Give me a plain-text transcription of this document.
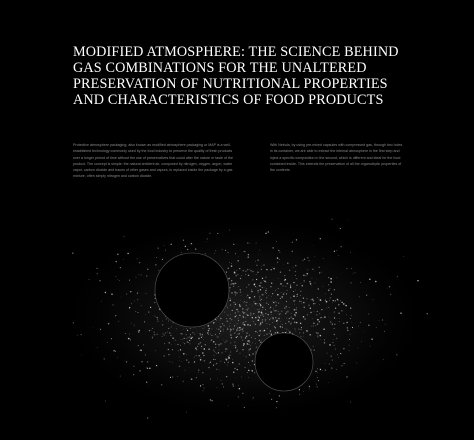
MODIFIED ATMOSPHERE: THE SCIENCE BEHIND
GAS COMBINATIONS FOR THE UNALTERED
PRESERVATION OF NUTRITIONAL PROPERTIES
AND CHARACTERISTICS OF FOOD PRODUCTS

Protective atmosphere packaging, also known as modified atmosphere packaging or MAP is a well-established technology commonly used by the food industry to preserve the quality of fresh products over a longer period of time without the use of preservatives that could alter the nature or taste of the product. The concept is simple: the natural ambient air, composed by nitrogen, oxygen, argon, water vapor, carbon dioxide and traces of other gases and vapors, is replaced inside the package by a gas mixture, often simply nitrogen and carbon dioxide.

With Nebula, by using pre-mixed capsules with compressed gas, through two holes in its container, we are able to extract the internal atmosphere in the first step and inject a specific composition in the second, which is different and ideal for the food contained inside. This extends the preservation of all the organoleptic properties of the contents.
